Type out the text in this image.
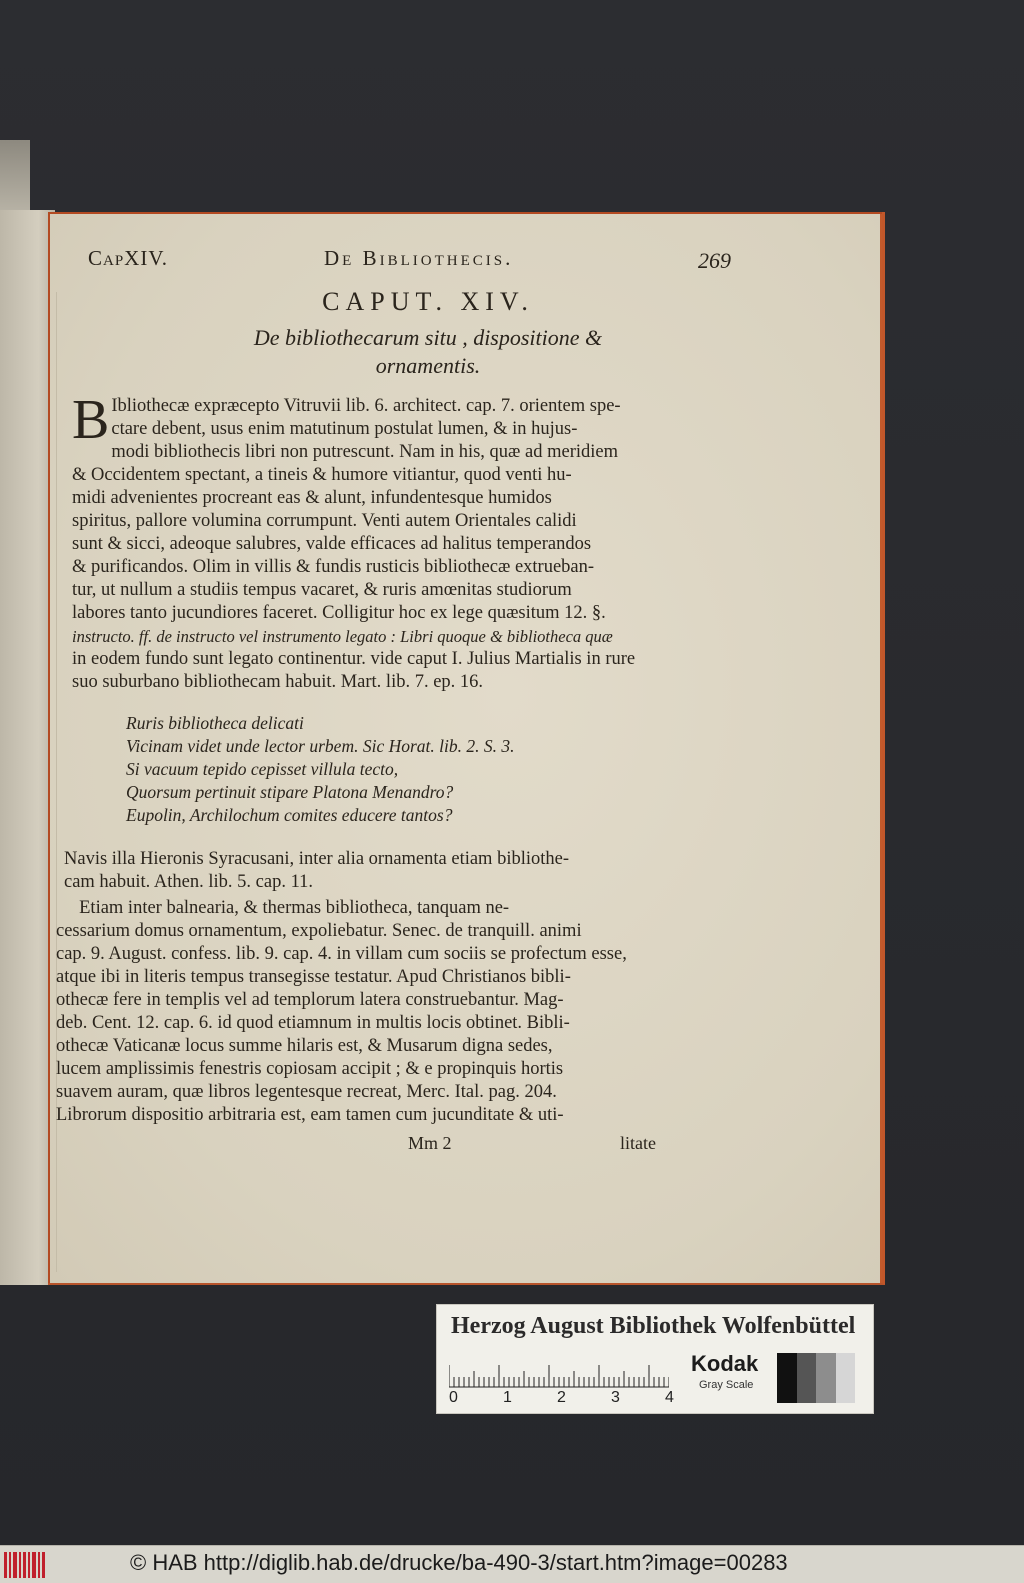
CapXIV.	De Bibliothecis.	269
CAPUT. XIV.
De bibliothecarum situ , dispositione &
ornamentis.
B Ibliothecæ expræcepto Vitruvii lib. 6. architect. cap. 7. orientem spe-
ctare debent, usus enim matutinum postulat lumen, & in hujus-
modi bibliothecis libri non putrescunt. Nam in his, quæ ad meridiem
& Occidentem spectant, a tineis & humore vitiantur, quod venti hu-
midi advenientes procreant eas & alunt, infundentesque humidos
spiritus, pallore volumina corrumpunt. Venti autem Orientales calidi
sunt & sicci, adeoque salubres, valde efficaces ad halitus temperandos
& purificandos. Olim in villis & fundis rusticis bibliothecæ extrueban-
tur, ut nullum a studiis tempus vacaret, & ruris amœnitas studiorum
labores tanto jucundiores faceret. Colligitur hoc ex lege quæsitum 12. §.
instructo. ff. de instructo vel instrumento legato : Libri quoque & bibliotheca quæ
in eodem fundo sunt legato continentur. vide caput I. Julius Martialis in rure
suo suburbano bibliothecam habuit. Mart. lib. 7. ep. 16.
Ruris bibliotheca delicati
Vicinam videt unde lector urbem. Sic Horat. lib. 2. S. 3.
Si vacuum tepido cepisset villula tecto,
Quorsum pertinuit stipare Platona Menandro?
Eupolin, Archilochum comites educere tantos?
Navis illa Hieronis Syracusani, inter alia ornamenta etiam bibliothe-
cam habuit. Athen. lib. 5. cap. 11.
Etiam inter balnearia, & thermas bibliotheca, tanquam ne-
cessarium domus ornamentum, expoliebatur. Senec. de tranquill. animi
cap. 9. August. confess. lib. 9. cap. 4. in villam cum sociis se profectum esse,
atque ibi in literis tempus transegisse testatur. Apud Christianos bibli-
othecæ fere in templis vel ad templorum latera construebantur. Mag-
deb. Cent. 12. cap. 6. id quod etiamnum in multis locis obtinet. Bibli-
othecæ Vaticanæ locus summe hilaris est, & Musarum digna sedes,
lucem amplissimis fenestris copiosam accipit ; & e propinquis hortis
suavem auram, quæ libros legentesque recreat, Merc. Ital. pag. 204.
Librorum dispositio arbitraria est, eam tamen cum jucunditate & uti-
Mm 2	litate
Herzog August Bibliothek Wolfenbüttel
0	1	2	3	4
Kodak
Gray Scale
© HAB http://diglib.hab.de/drucke/ba-490-3/start.htm?image=00283
